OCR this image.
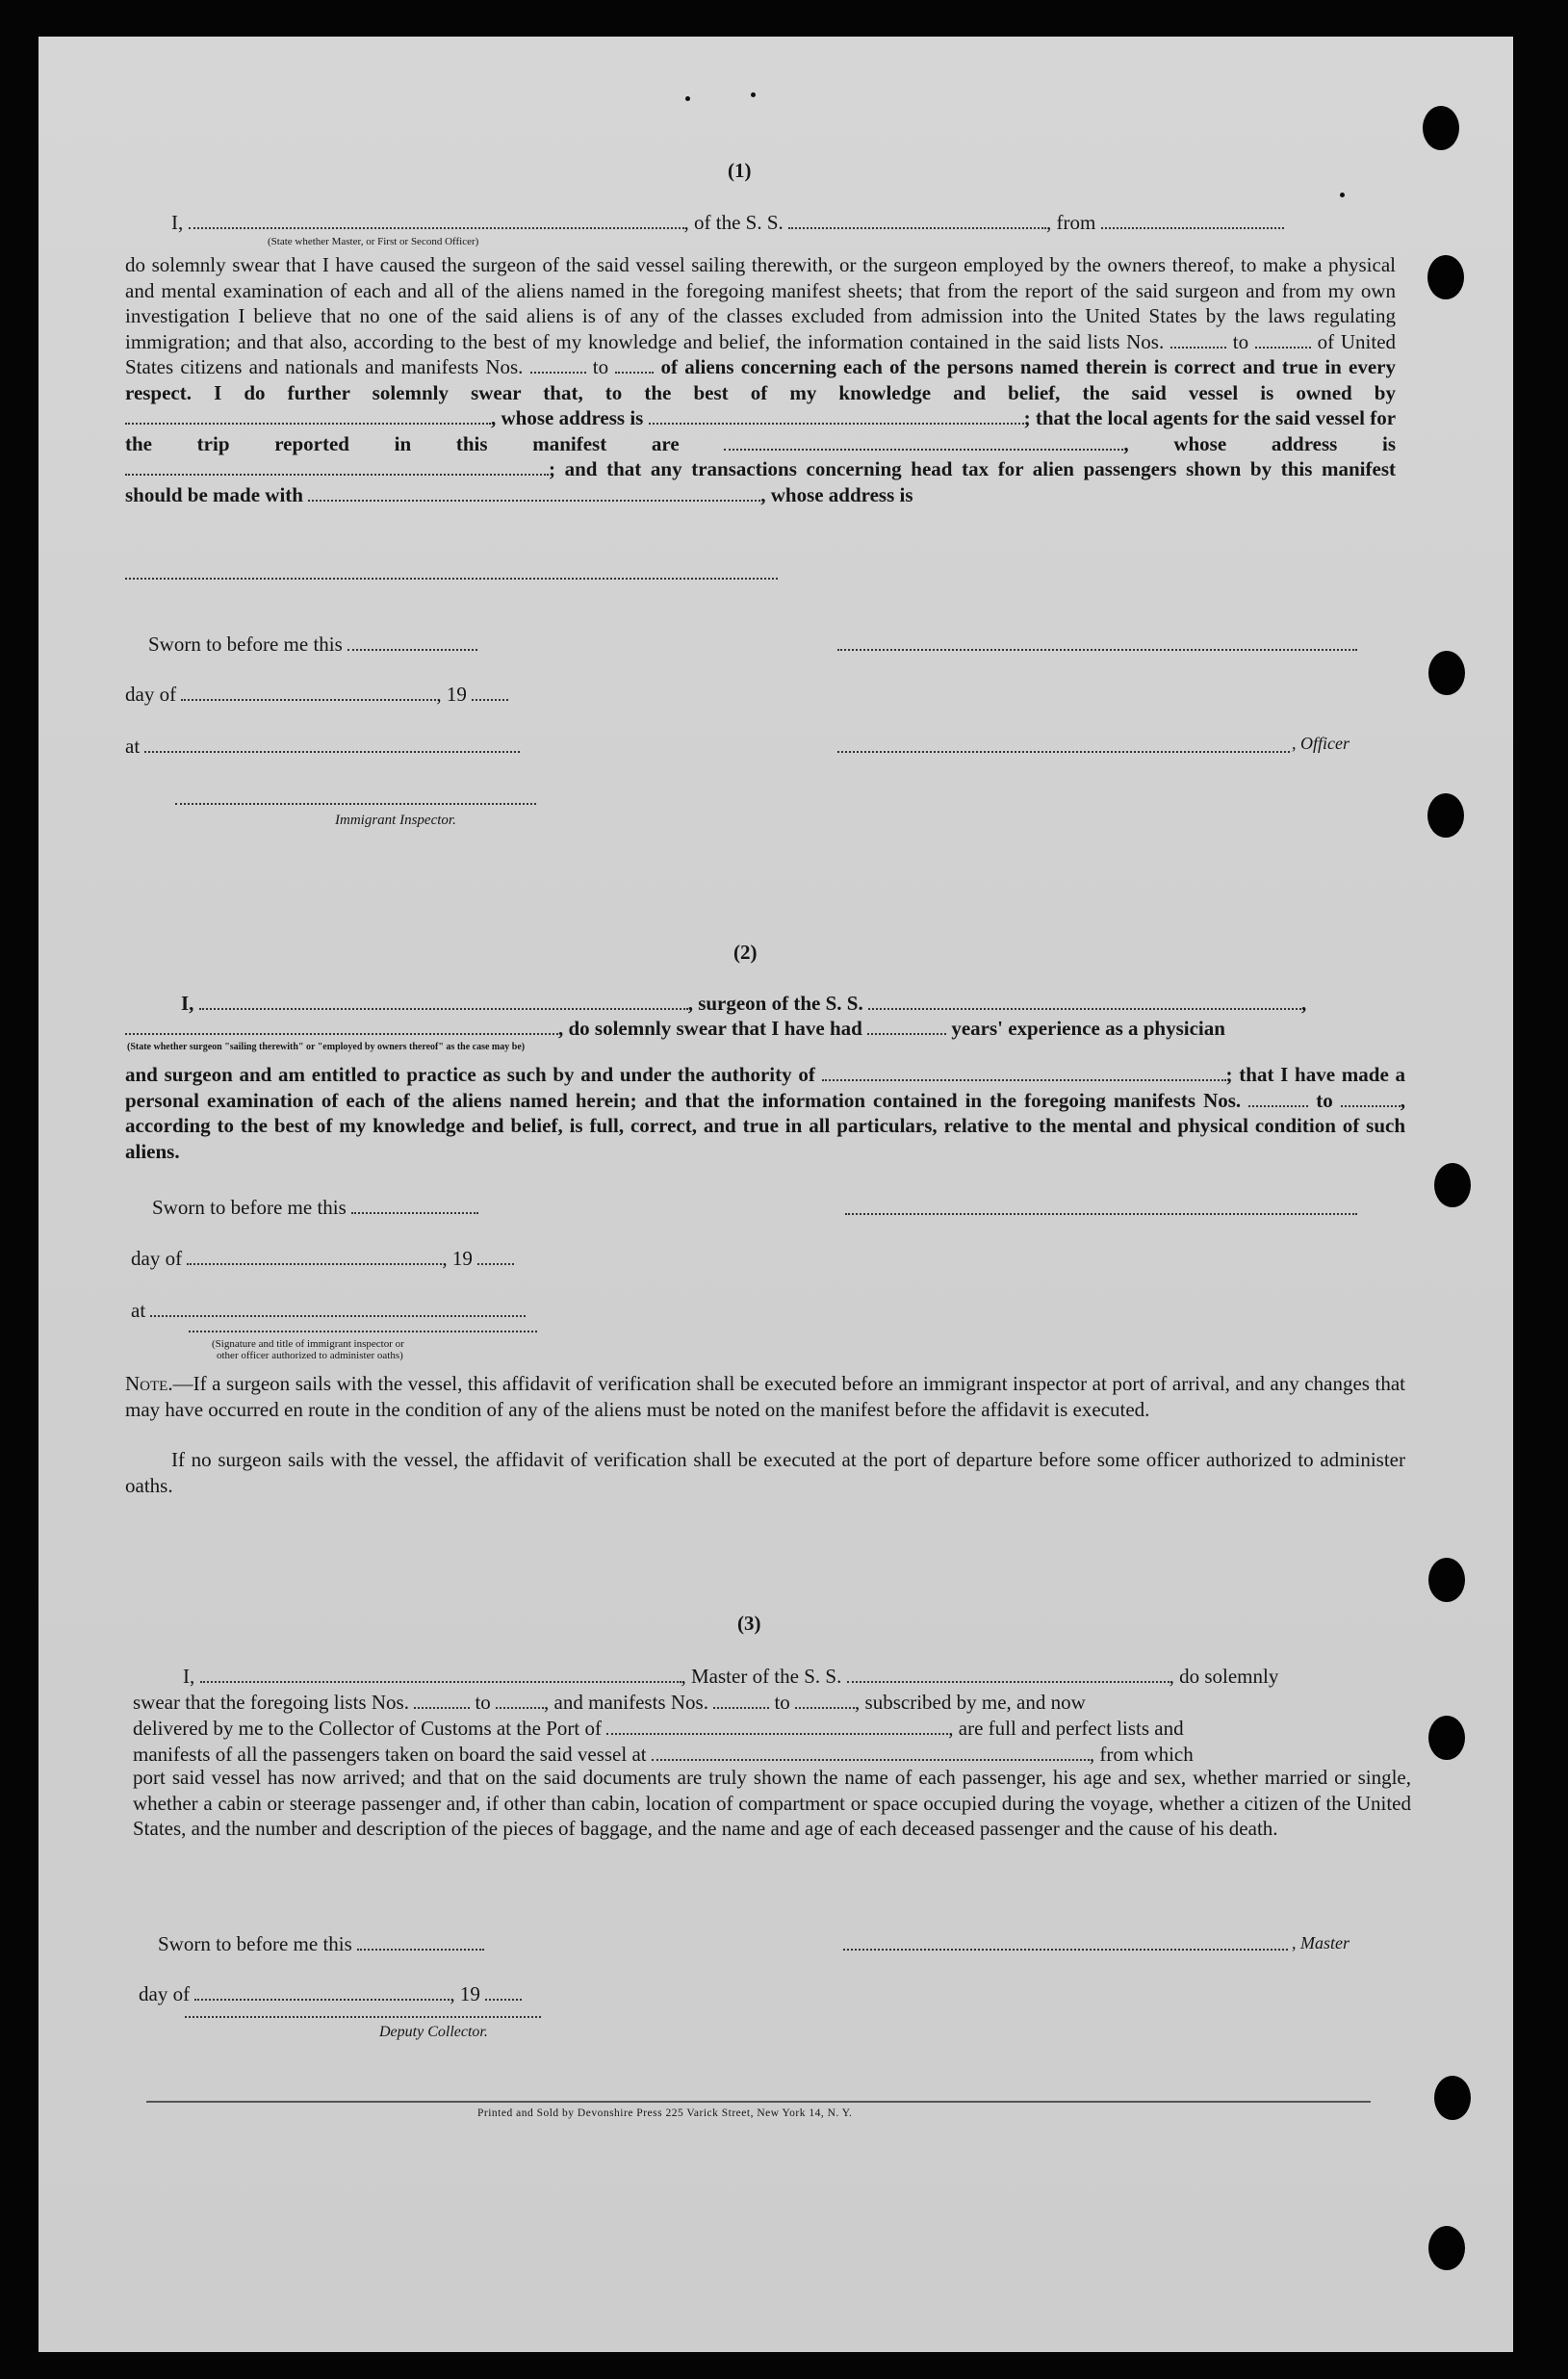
(1)
I,	, of the S. S.	, from
(State whether Master, or First or Second Officer)
do solemnly swear that I have caused the surgeon of the said vessel sailing therewith, or the surgeon employed by the owners thereof, to make a physical and mental examination of each and all of the aliens named in the foregoing manifest sheets; that from the report of the said surgeon and from my own investigation I believe that no one of the said aliens is of any of the classes excluded from admission into the United States by the laws regulating immigration; and that also, according to the best of my knowledge and belief, the information contained in the said lists Nos.	to	of United States citizens and nationals and manifests Nos.	to	of aliens concerning each of the persons named therein is correct and true in every respect. I do further solemnly swear that, to the best of my knowledge and belief, the said vessel is owned by , whose address is	; that the local agents for the said vessel for the trip reported in this manifest are	, whose address is ; and that any transactions concerning head tax for alien passengers shown by this manifest should be made with	, whose address is
Sworn to before me this
day of	, 19
at	, Officer
Immigrant Inspector.
(2)
I,	, surgeon of the S. S.	,
, do solemnly swear that I have had	years' experience as a physician
(State whether surgeon "sailing therewith" or "employed by owners thereof" as the case may be)
and surgeon and am entitled to practice as such by and under the authority of	; that I have made a personal examination of each of the aliens named herein; and that the information contained in the foregoing manifests Nos.	to	, according to the best of my knowledge and belief, is full, correct, and true in all particulars, relative to the mental and physical condition of such aliens.
Sworn to before me this
day of	, 19
at
(Signature and title of immigrant inspector or
other officer authorized to administer oaths)
Note.—If a surgeon sails with the vessel, this affidavit of verification shall be executed before an immigrant inspector at port of arrival, and any changes that may have occurred en route in the condition of any of the aliens must be noted on the manifest before the affidavit is executed.
If no surgeon sails with the vessel, the affidavit of verification shall be executed at the port of departure before some officer authorized to administer oaths.
(3)
I,	, Master of the S. S.	, do solemnly
swear that the foregoing lists Nos.	to	, and manifests Nos.	to	, subscribed by me, and now
delivered by me to the Collector of Customs at the Port of	, are full and perfect lists and
manifests of all the passengers taken on board the said vessel at	, from which
port said vessel has now arrived; and that on the said documents are truly shown the name of each passenger, his age and sex, whether married or single, whether a cabin or steerage passenger and, if other than cabin, location of compartment or space occupied during the voyage, whether a citizen of the United States, and the number and description of the pieces of baggage, and the name and age of each deceased passenger and the cause of his death.
Sworn to before me this	, Master
day of	, 19
Deputy Collector.
Printed and Sold by Devonshire Press 225 Varick Street, New York 14, N. Y.
